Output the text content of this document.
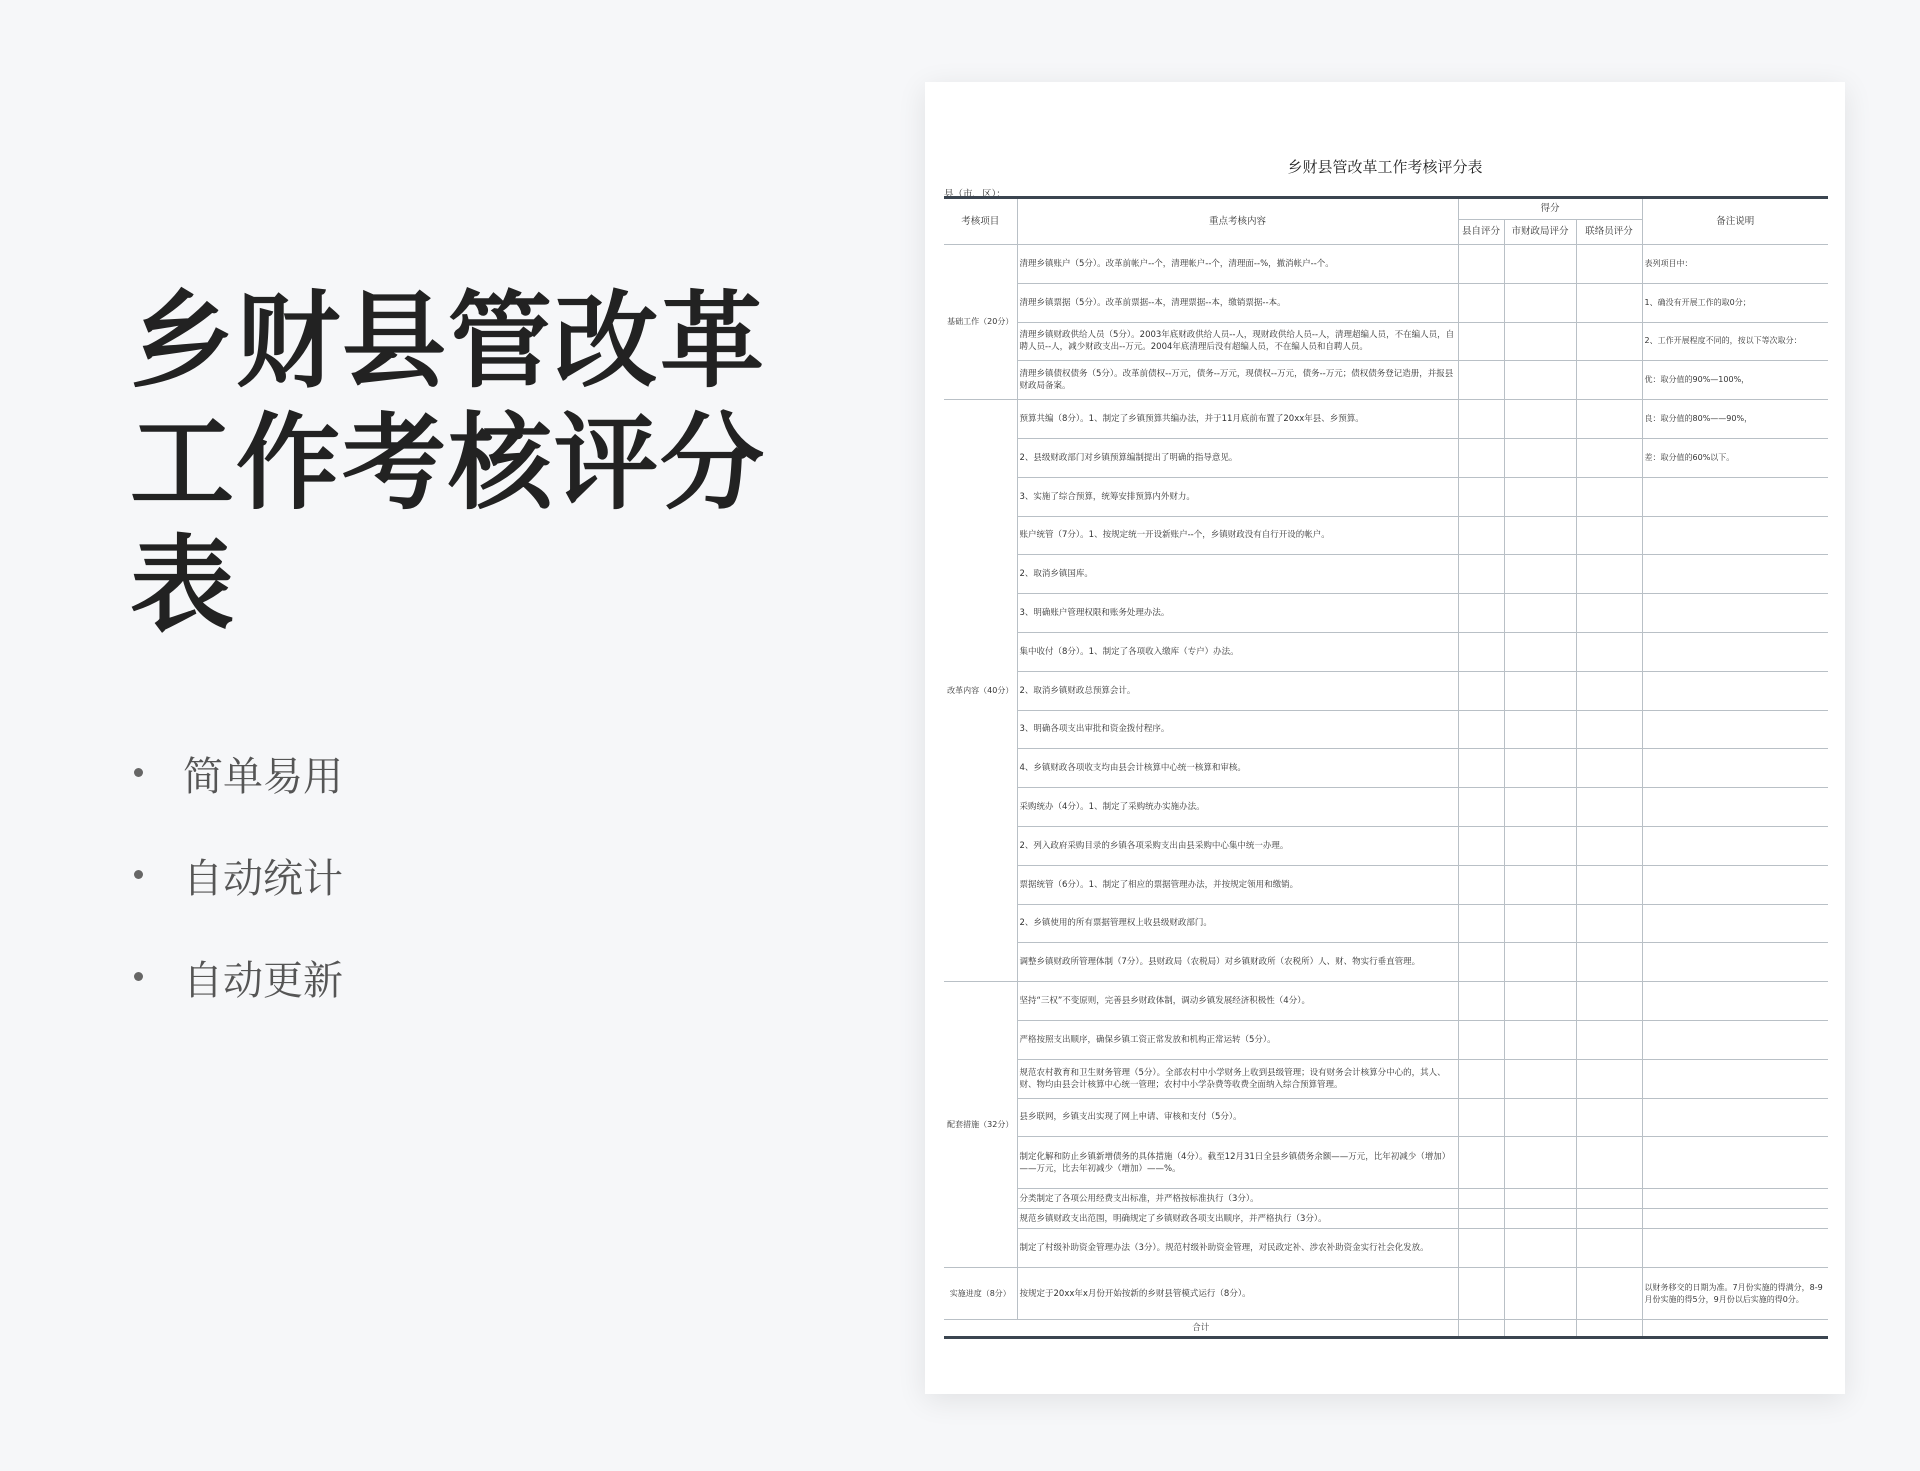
乡财县管改革工作考核评分表
简单易用
自动统计
自动更新
乡财县管改革工作考核评分表
县（市、区）：
考核项目	重点考核内容	得分			备注说明
		县自评分	市财政局评分	联络员评分	
基础工作（20分）	清理乡镇账户（5分）。改革前帐户--个，清理帐户--个，清理面--%，撤消帐户--个。				表列项目中：
	清理乡镇票据（5分）。改革前票据--本，清理票据--本，缴销票据--本。				1、确没有开展工作的取0分；
	清理乡镇财政供给人员（5分）。2003年底财政供给人员--人，现财政供给人员--人，清理超编人员，不在编人员，自聘人员--人，减少财政支出--万元。2004年底清理后没有超编人员，不在编人员和自聘人员。				2、工作开展程度不同的，按以下等次取分：
	清理乡镇债权债务（5分）。改革前债权--万元，债务--万元，现债权--万元，债务--万元；债权债务登记造册，并报县财政局备案。				优：取分值的90%—100%，
改革内容（40分）	预算共编（8分）。1、制定了乡镇预算共编办法，并于11月底前布置了20xx年县、乡预算。				良：取分值的80%——90%，
	2、县级财政部门对乡镇预算编制提出了明确的指导意见。				差：取分值的60%以下。
	3、实施了综合预算，统筹安排预算内外财力。				
	账户统管（7分）。1、按规定统一开设新账户--个，乡镇财政没有自行开设的帐户。				
	2、取消乡镇国库。				
	3、明确账户管理权限和账务处理办法。				
	集中收付（8分）。1、制定了各项收入缴库（专户）办法。				
	2、取消乡镇财政总预算会计。				
	3、明确各项支出审批和资金拨付程序。				
	4、乡镇财政各项收支均由县会计核算中心统一核算和审核。				
	采购统办（4分）。1、制定了采购统办实施办法。				
	2、列入政府采购目录的乡镇各项采购支出由县采购中心集中统一办理。				
	票据统管（6分）。1、制定了相应的票据管理办法，并按规定领用和缴销。				
	2、乡镇使用的所有票据管理权上收县级财政部门。				
	调整乡镇财政所管理体制（7分）。县财政局（农税局）对乡镇财政所（农税所）人、财、物实行垂直管理。				
配套措施（32分）	坚持“三权”不变原则，完善县乡财政体制，调动乡镇发展经济积极性（4分）。				
	严格按照支出顺序，确保乡镇工资正常发放和机构正常运转（5分）。				
	规范农村教育和卫生财务管理（5分）。全部农村中小学财务上收到县级管理；设有财务会计核算分中心的，其人、财、物均由县会计核算中心统一管理；农村中小学杂费等收费全面纳入综合预算管理。				
	县乡联网，乡镇支出实现了网上申请、审核和支付（5分）。				
	制定化解和防止乡镇新增债务的具体措施（4分）。截至12月31日全县乡镇债务余额——万元，比年初减少（增加）——万元，比去年初减少（增加）——%。				
	分类制定了各项公用经费支出标准，并严格按标准执行（3分）。				
	规范乡镇财政支出范围，明确规定了乡镇财政各项支出顺序，并严格执行（3分）。				
	制定了村级补助资金管理办法（3分）。规范村级补助资金管理，对民政定补、涉农补助资金实行社会化发放。				
实施进度（8分）	按规定于20xx年x月份开始按新的乡财县管模式运行（8分）。				以财务移交的日期为准。7月份实施的得满分，8-9月份实施的得5分，9月份以后实施的得0分。
合计					
